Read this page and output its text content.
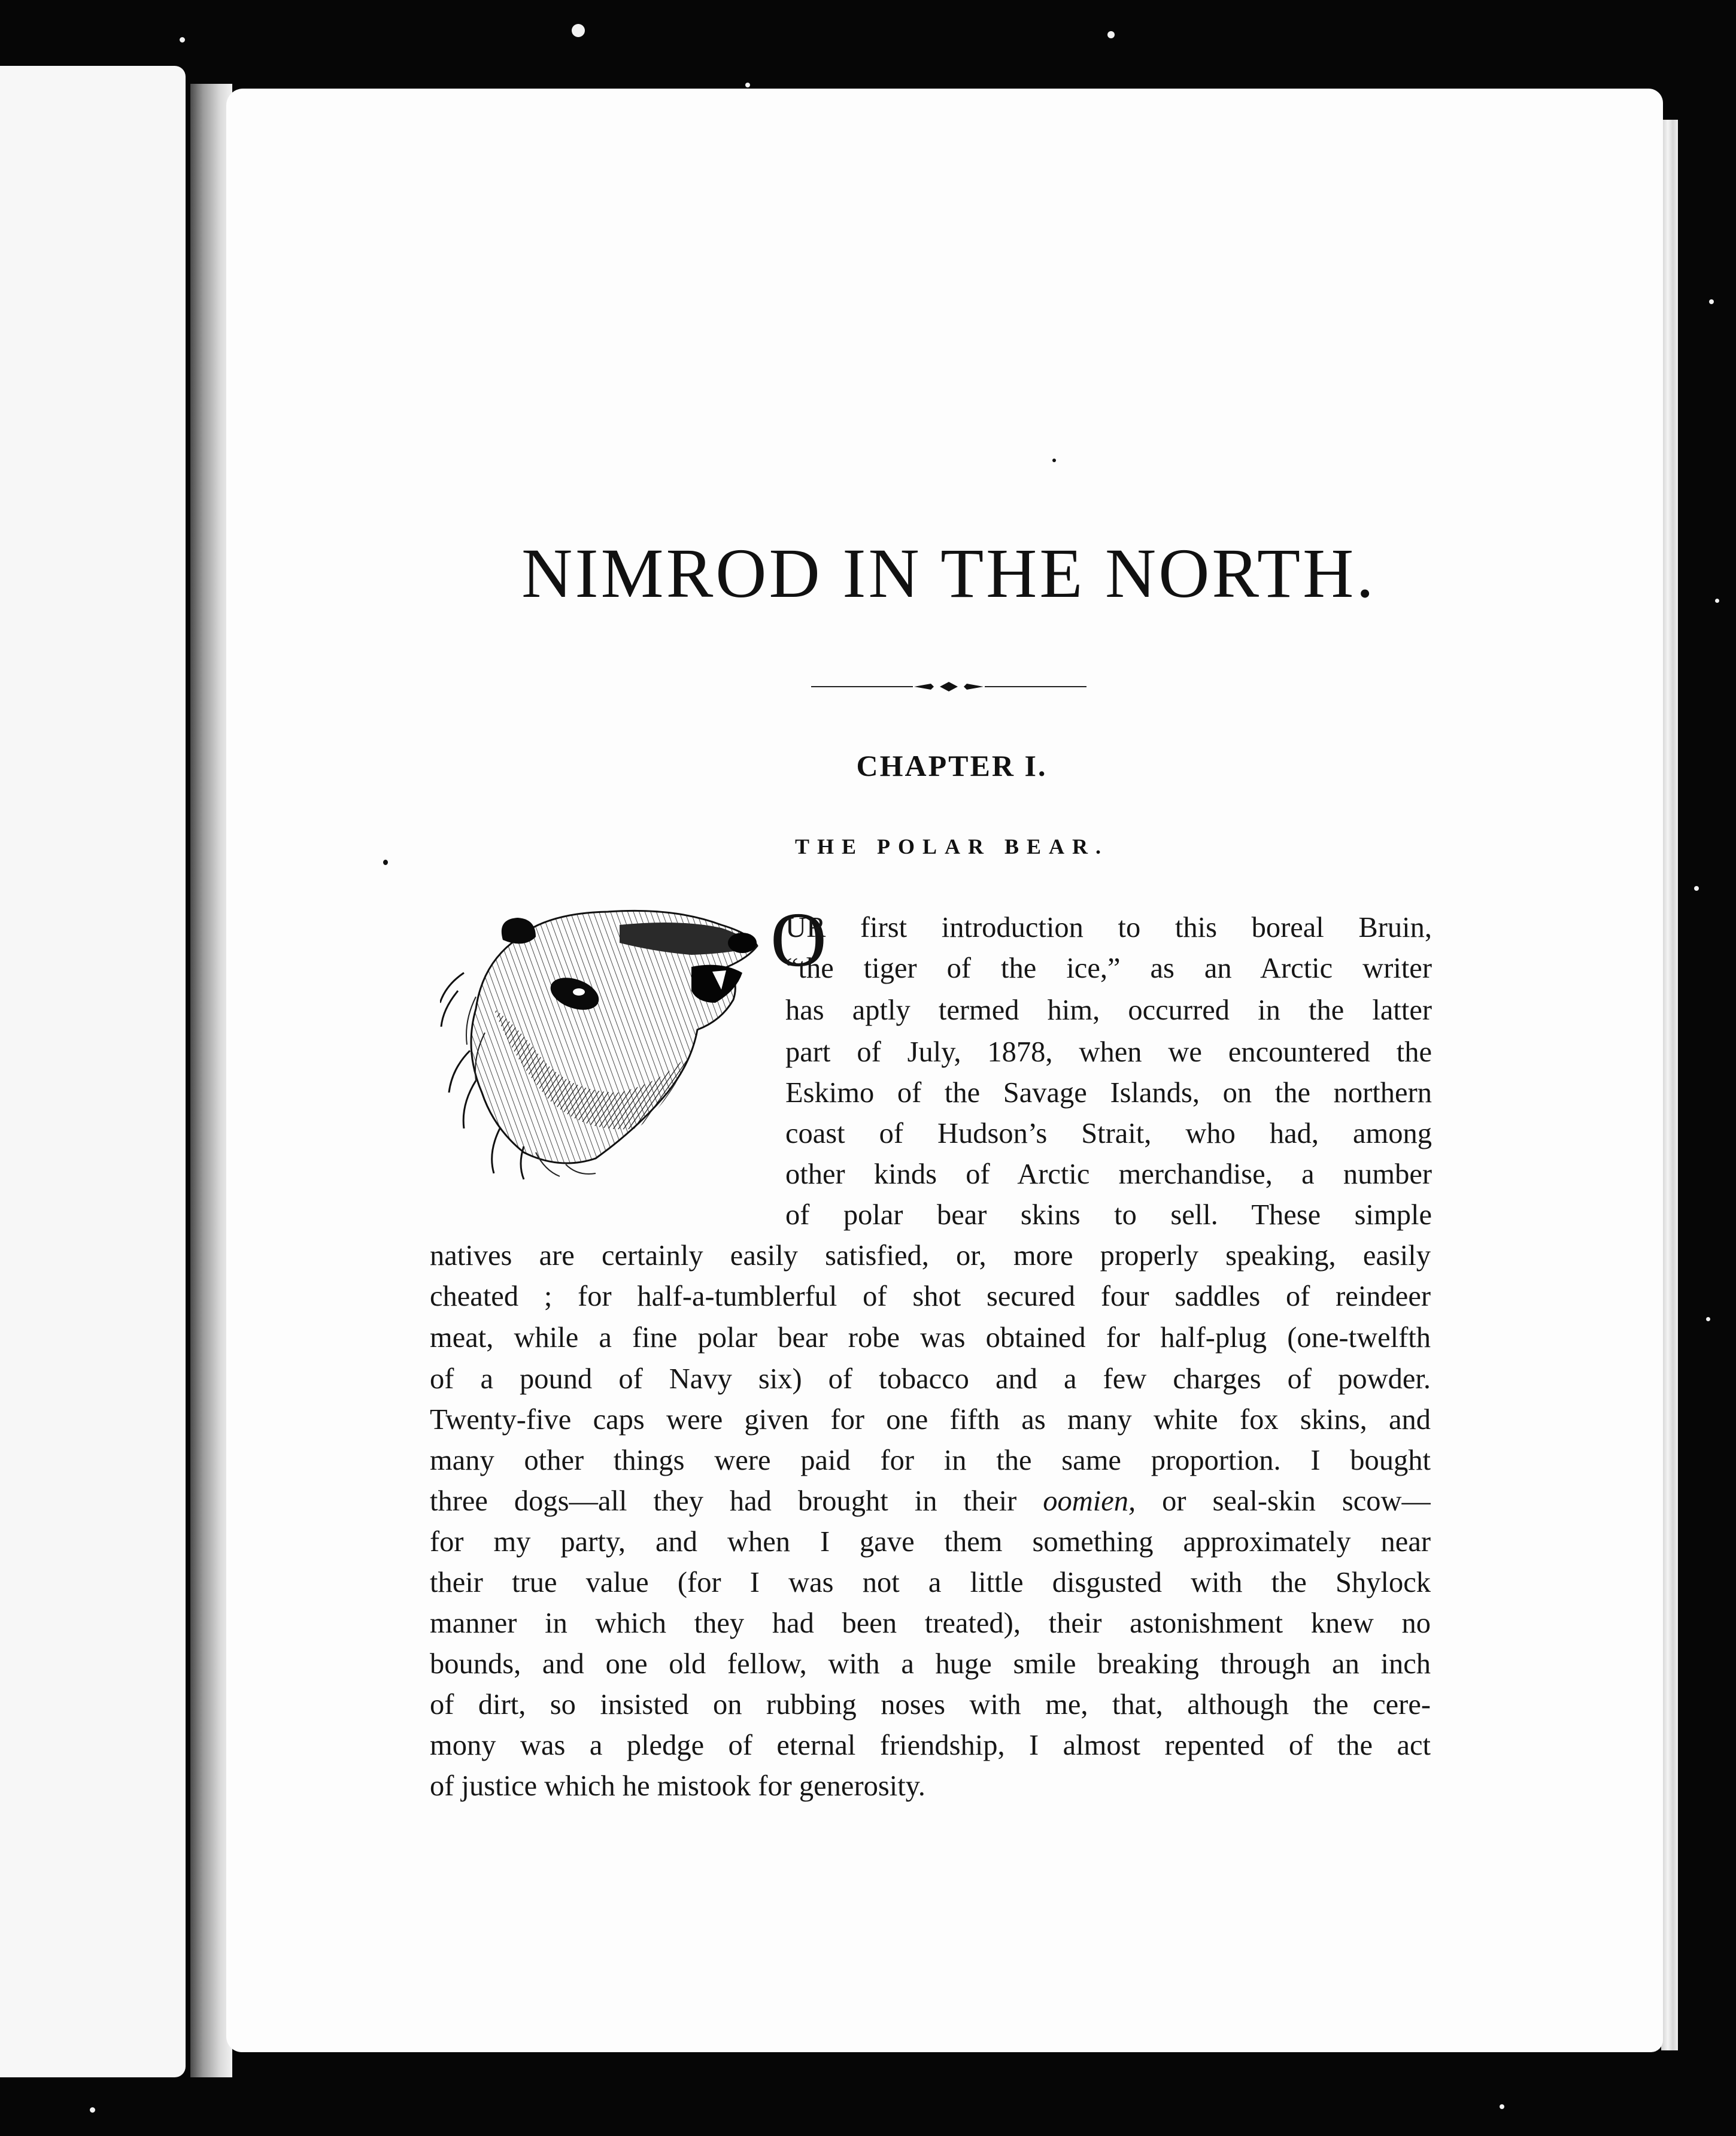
NIMROD IN THE NORTH.
CHAPTER I.
THE POLAR BEAR.
O
UR first introduction to this boreal Bruin,
“the tiger of the ice,” as an Arctic writer
has aptly termed him, occurred in the latter
part of July, 1878, when we encountered the
Eskimo of the Savage Islands, on the northern
coast of Hudson’s Strait, who had, among
other kinds of Arctic merchandise, a number
of polar bear skins to sell. These simple
natives are certainly easily satisfied, or, more properly speaking, easily
cheated ; for half-a-tumblerful of shot secured four saddles of reindeer
meat, while a fine polar bear robe was obtained for half-plug (one-twelfth
of a pound of Navy six) of tobacco and a few charges of powder.
Twenty-five caps were given for one fifth as many white fox skins, and
many other things were paid for in the same proportion. I bought
three dogs—all they had brought in their oomien, or seal-skin scow—
for my party, and when I gave them something approximately near
their true value (for I was not a little disgusted with the Shylock
manner in which they had been treated), their astonishment knew no
bounds, and one old fellow, with a huge smile breaking through an inch
of dirt, so insisted on rubbing noses with me, that, although the cere-
mony was a pledge of eternal friendship, I almost repented of the act
of justice which he mistook for generosity.
